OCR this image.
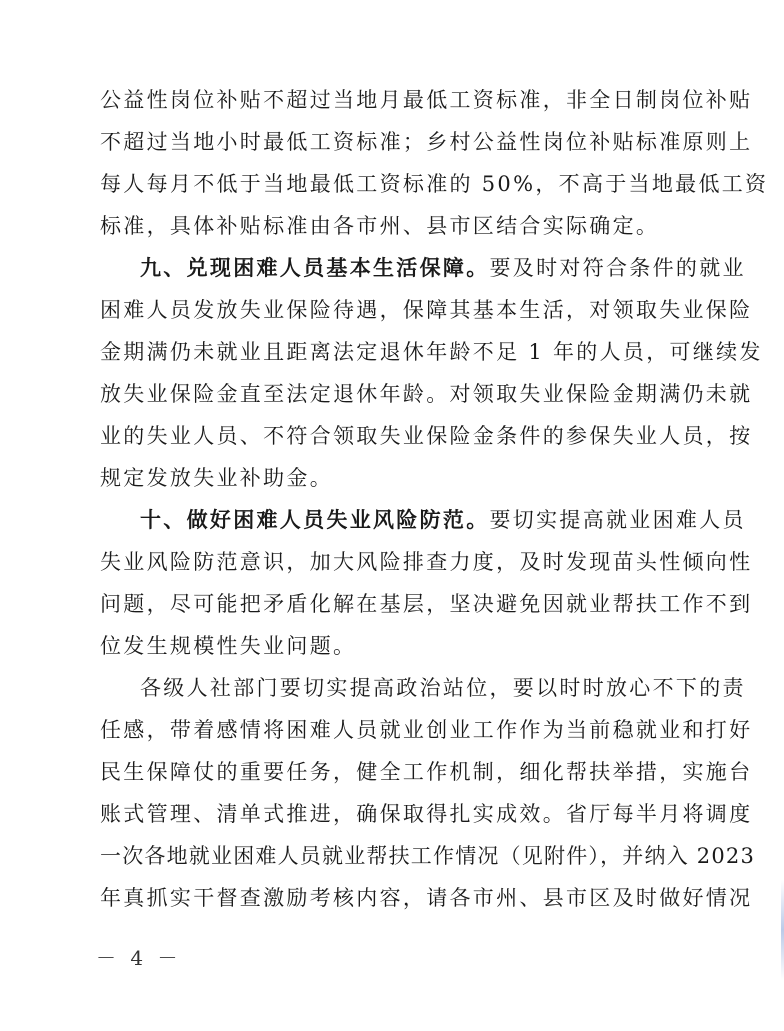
公益性岗位补贴不超过当地月最低工资标准，非全日制岗位补贴
不超过当地小时最低工资标准；乡村公益性岗位补贴标准原则上
每人每月不低于当地最低工资标准的 50%，不高于当地最低工资
标准，具体补贴标准由各市州、县市区结合实际确定。
九、兑现困难人员基本生活保障。要及时对符合条件的就业
困难人员发放失业保险待遇，保障其基本生活，对领取失业保险
金期满仍未就业且距离法定退休年龄不足 1 年的人员，可继续发
放失业保险金直至法定退休年龄。对领取失业保险金期满仍未就
业的失业人员、不符合领取失业保险金条件的参保失业人员，按
规定发放失业补助金。
十、做好困难人员失业风险防范。要切实提高就业困难人员
失业风险防范意识，加大风险排查力度，及时发现苗头性倾向性
问题，尽可能把矛盾化解在基层，坚决避免因就业帮扶工作不到
位发生规模性失业问题。
各级人社部门要切实提高政治站位，要以时时放心不下的责
任感，带着感情将困难人员就业创业工作作为当前稳就业和打好
民生保障仗的重要任务，健全工作机制，细化帮扶举措，实施台
账式管理、清单式推进，确保取得扎实成效。省厅每半月将调度
一次各地就业困难人员就业帮扶工作情况（见附件），并纳入 2023
年真抓实干督查激励考核内容，请各市州、县市区及时做好情况
－ 4 －
